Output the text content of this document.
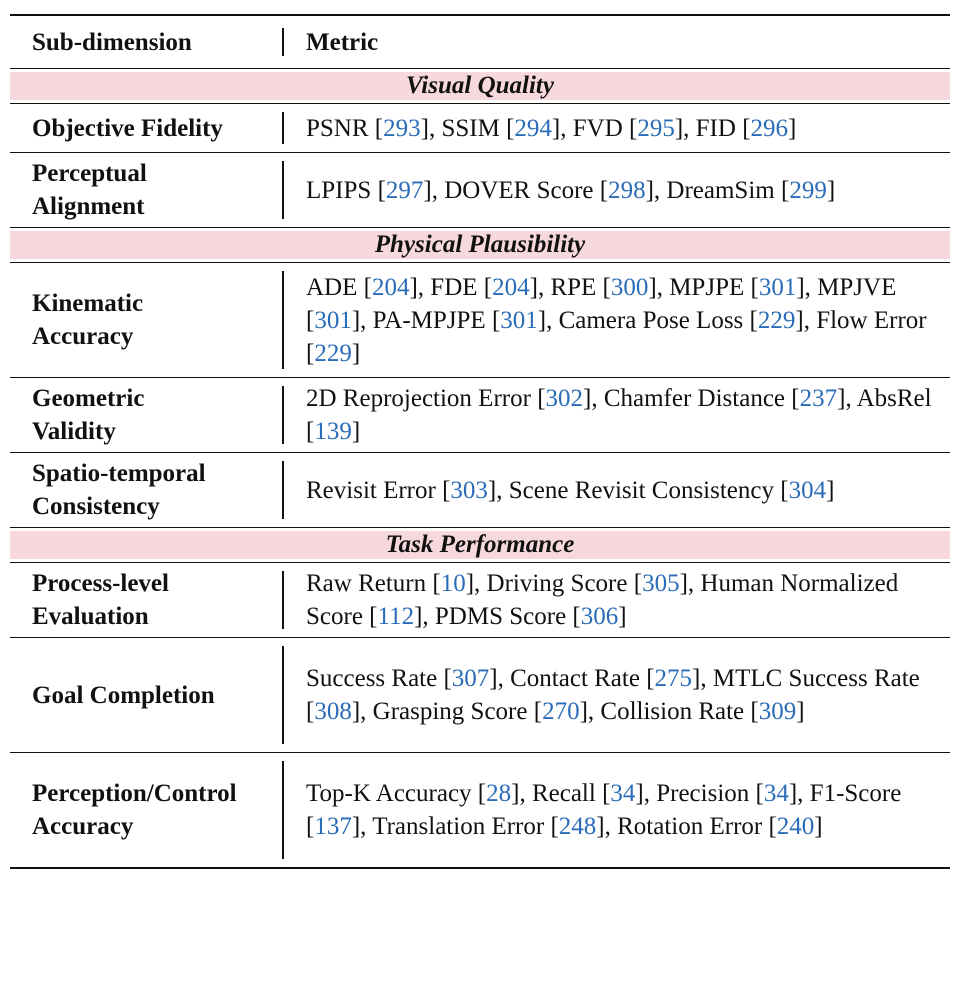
Sub-dimension	Metric
Visual Quality
Objective Fidelity	PSNR [293], SSIM [294], FVD [295], FID [296]
Perceptual
Alignment
LPIPS [297], DOVER Score [298], DreamSim [299]
Physical Plausibility
Kinematic
Accuracy
ADE [204], FDE [204], RPE [300], MPJPE [301], MPJVE [301], PA-MPJPE [301], Camera Pose Loss [229], Flow Error [229]
Geometric
Validity
2D Reprojection Error [302], Chamfer Distance [237], AbsRel [139]
Spatio-temporal
Consistency
Revisit Error [303], Scene Revisit Consistency [304]
Task Performance
Process-level
Evaluation
Raw Return [10], Driving Score [305], Human Normalized Score [112], PDMS Score [306]
Goal Completion
Success Rate [307], Contact Rate [275], MTLC Success Rate [308], Grasping Score [270], Collision Rate [309]
Perception/Control
Accuracy
Top-K Accuracy [28], Recall [34], Precision [34], F1-Score [137], Translation Error [248], Rotation Error [240]
